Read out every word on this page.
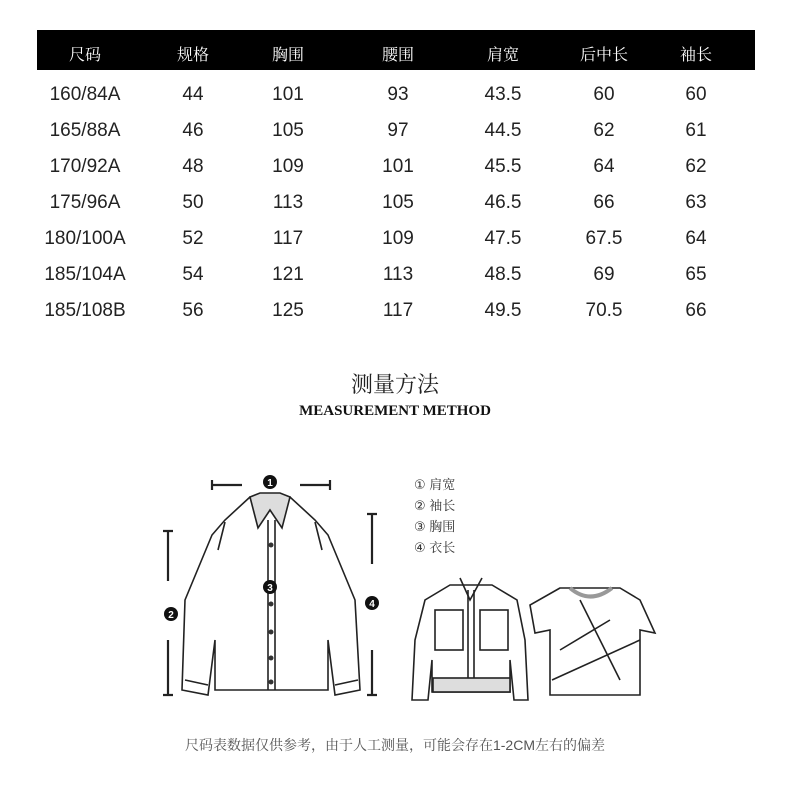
尺码	规格	胸围	腰围	肩宽	后中长	袖长
160/84A	44	101	93	43.5	60	60
165/88A	46	105	97	44.5	62	61
170/92A	48	109	101	45.5	64	62
175/96A	50	113	105	46.5	66	63
180/100A	52	117	109	47.5	67.5	64
185/104A	54	121	113	48.5	69	65
185/108B	56	125	117	49.5	70.5	66
测量方法
MEASUREMENT METHOD
1
2
3
4
① 肩宽
② 袖长
③ 胸围
④ 衣长
尺码表数据仅供参考，由于人工测量，可能会存在1-2CM左右的偏差
